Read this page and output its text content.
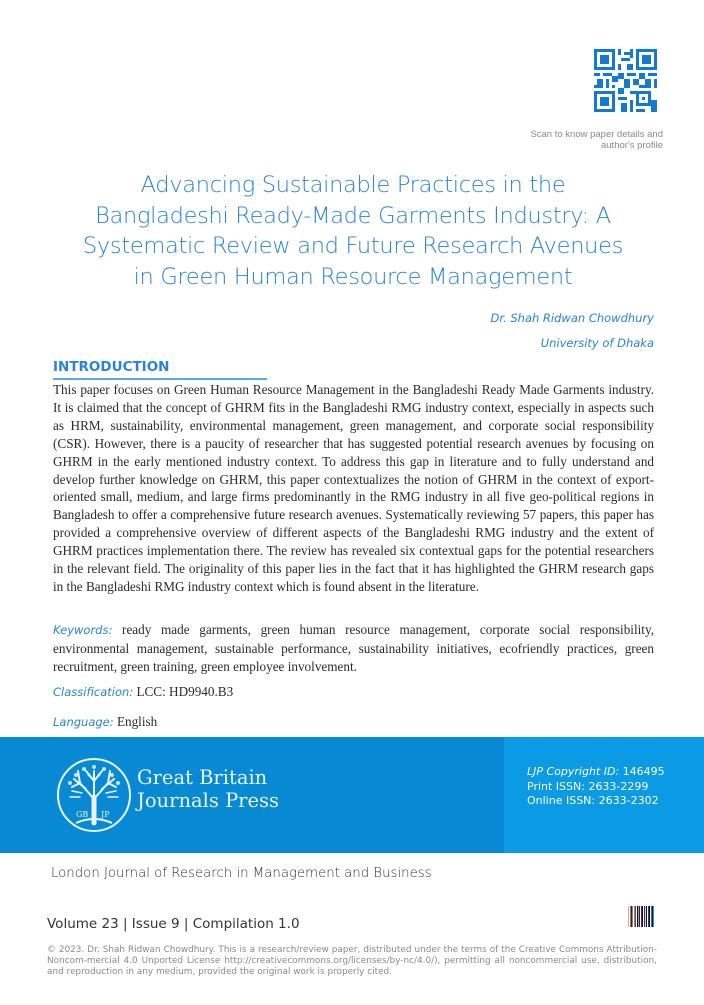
Scan to know paper details and
author's profile
Advancing Sustainable Practices in the
Bangladeshi Ready-Made Garments Industry: A
Systematic Review and Future Research Avenues
in Green Human Resource Management
Dr. Shah Ridwan Chowdhury
University of Dhaka
INTRODUCTION

This paper focuses on Green Human Resource Management in the Bangladeshi Ready Made Garments industry. It is claimed that the concept of GHRM fits in the Bangladeshi RMG industry context, especially in aspects such as HRM, sustainability, environmental management, green management, and corporate social responsibility (CSR). However, there is a paucity of researcher that has suggested potential research avenues by focusing on GHRM in the early mentioned industry context. To address this gap in literature and to fully understand and develop further knowledge on GHRM, this paper contextualizes the notion of GHRM in the context of export-oriented small, medium, and large firms predominantly in the RMG industry in all five geo-political regions in Bangladesh to offer a comprehensive future research avenues. Systematically reviewing 57 papers, this paper has provided a comprehensive overview of different aspects of the Bangladeshi RMG industry and the extent of GHRM practices implementation there. The review has revealed six contextual gaps for the potential researchers in the relevant field. The originality of this paper lies in the fact that it has highlighted the GHRM research gaps in the Bangladeshi RMG industry context which is found absent in the literature.

Keywords: ready made garments, green human resource management, corporate social responsibility, environmental management, sustainable performance, sustainability initiatives, ecofriendly practices, green recruitment, green training, green employee involvement.

Classification: LCC: HD9940.B3

Language: English

GB JP
Great Britain
Journals Press
LJP Copyright ID: 146495
Print ISSN: 2633-2299
Online ISSN: 2633-2302
London Journal of Research in Management and Business
Volume 23 | Issue 9 | Compilation 1.0

© 2023. Dr. Shah Ridwan Chowdhury. This is a research/review paper, distributed under the terms of the Creative Commons Attribution-Noncom-mercial 4.0 Unported License http://creativecommons.org/licenses/by-nc/4.0/), permitting all noncommercial use, distribution, and reproduction in any medium, provided the original work is properly cited.
